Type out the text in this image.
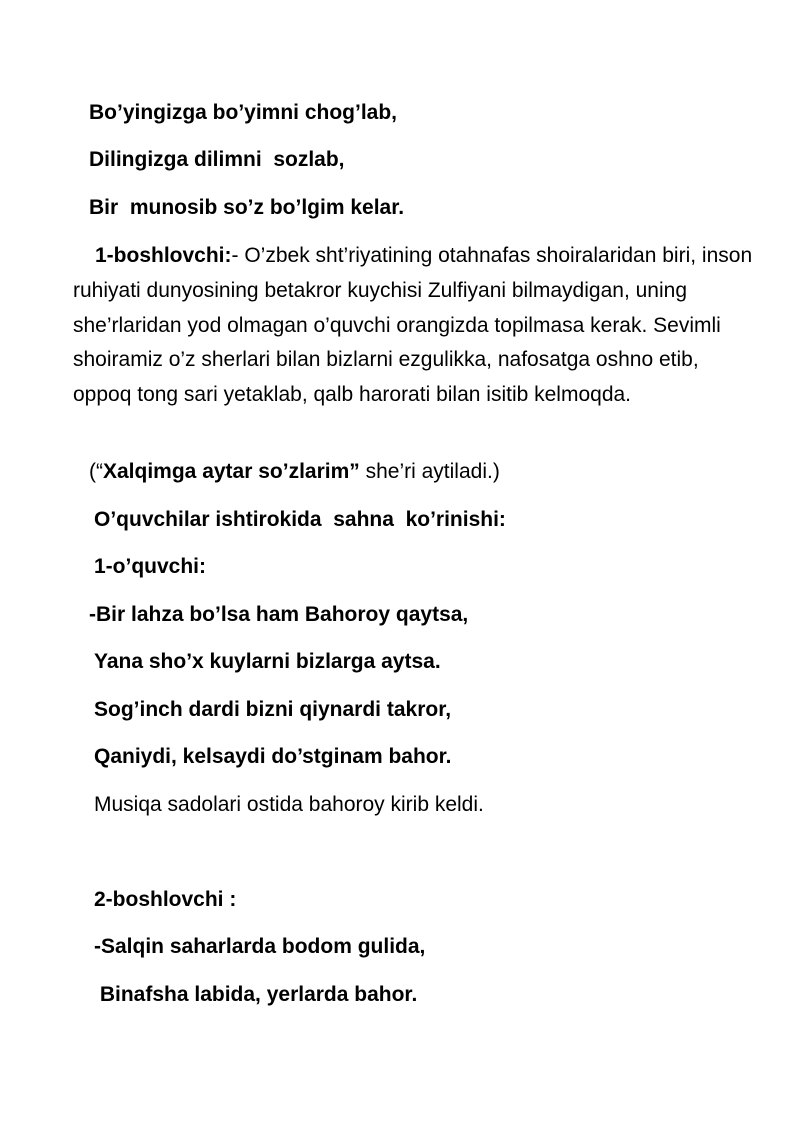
Bo’yingizga bo’yimni chog’lab,
Dilingizga dilimni  sozlab,
Bir  munosib so’z bo’lgim kelar.
1-boshlovchi:- O’zbek sht’riyatining otahnafas shoiralaridan biri, inson ruhiyati dunyosining betakror kuychisi Zulfiyani bilmaydigan, uning she’rlaridan yod olmagan o’quvchi orangizda topilmasa kerak. Sevimli shoiramiz o’z sherlari bilan bizlarni ezgulikka, nafosatga oshno etib, oppoq tong sari yetaklab, qalb harorati bilan isitib kelmoqda.
(“Xalqimga aytar so’zlarim” she’ri aytiladi.)
O’quvchilar ishtirokida  sahna  ko’rinishi:
1-o’quvchi:
-Bir lahza bo’lsa ham Bahoroy qaytsa,
Yana sho’x kuylarni bizlarga aytsa.
Sog’inch dardi bizni qiynardi takror,
Qaniydi, kelsaydi do’stginam bahor.
Musiqa sadolari ostida bahoroy kirib keldi.
2-boshlovchi :
-Salqin saharlarda bodom gulida,
Binafsha labida, yerlarda bahor.
